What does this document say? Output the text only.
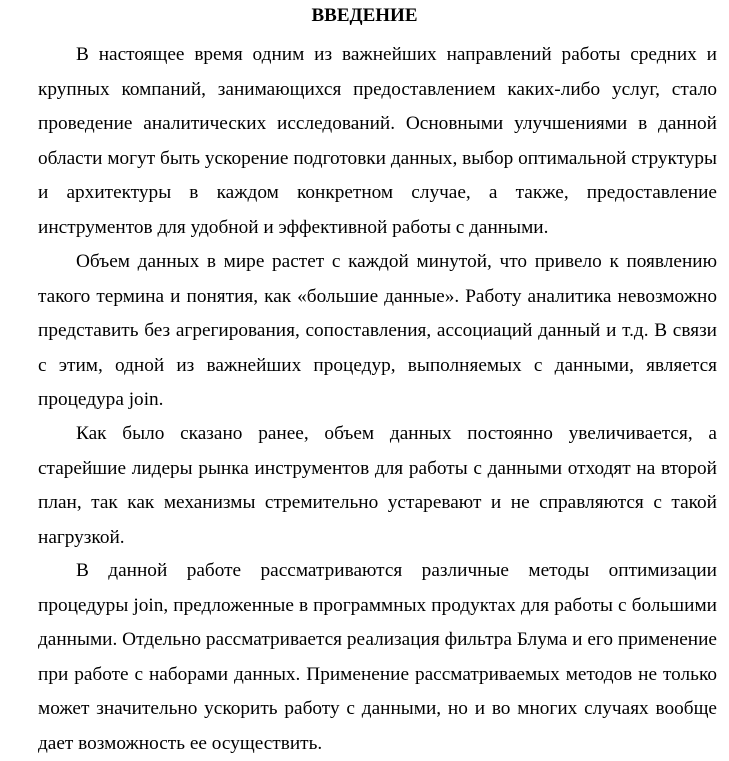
ВВЕДЕНИЕ

В настоящее время одним из важнейших направлений работы средних и крупных компаний, занимающихся предоставлением каких-либо услуг, стало проведение аналитических исследований. Основными улучшениями в данной области могут быть ускорение подготовки данных, выбор оптимальной структуры и архитектуры в каждом конкретном случае, а также, предоставление инструментов для удобной и эффективной работы с данными.

Объем данных в мире растет с каждой минутой, что привело к появлению такого термина и понятия, как «большие данные». Работу аналитика невозможно представить без агрегирования, сопоставления, ассоциаций данный и т.д. В связи с этим, одной из важнейших процедур, выполняемых с данными, является процедура join.

Как было сказано ранее, объем данных постоянно увеличивается, а старейшие лидеры рынка инструментов для работы с данными отходят на второй план, так как механизмы стремительно устаревают и не справляются с такой нагрузкой.

В данной работе рассматриваются различные методы оптимизации процедуры join, предложенные в программных продуктах для работы с большими данными. Отдельно рассматривается реализация фильтра Блума и его применение при работе с наборами данных. Применение рассматриваемых методов не только может значительно ускорить работу с данными, но и во многих случаях вообще дает возможность ее осуществить.
